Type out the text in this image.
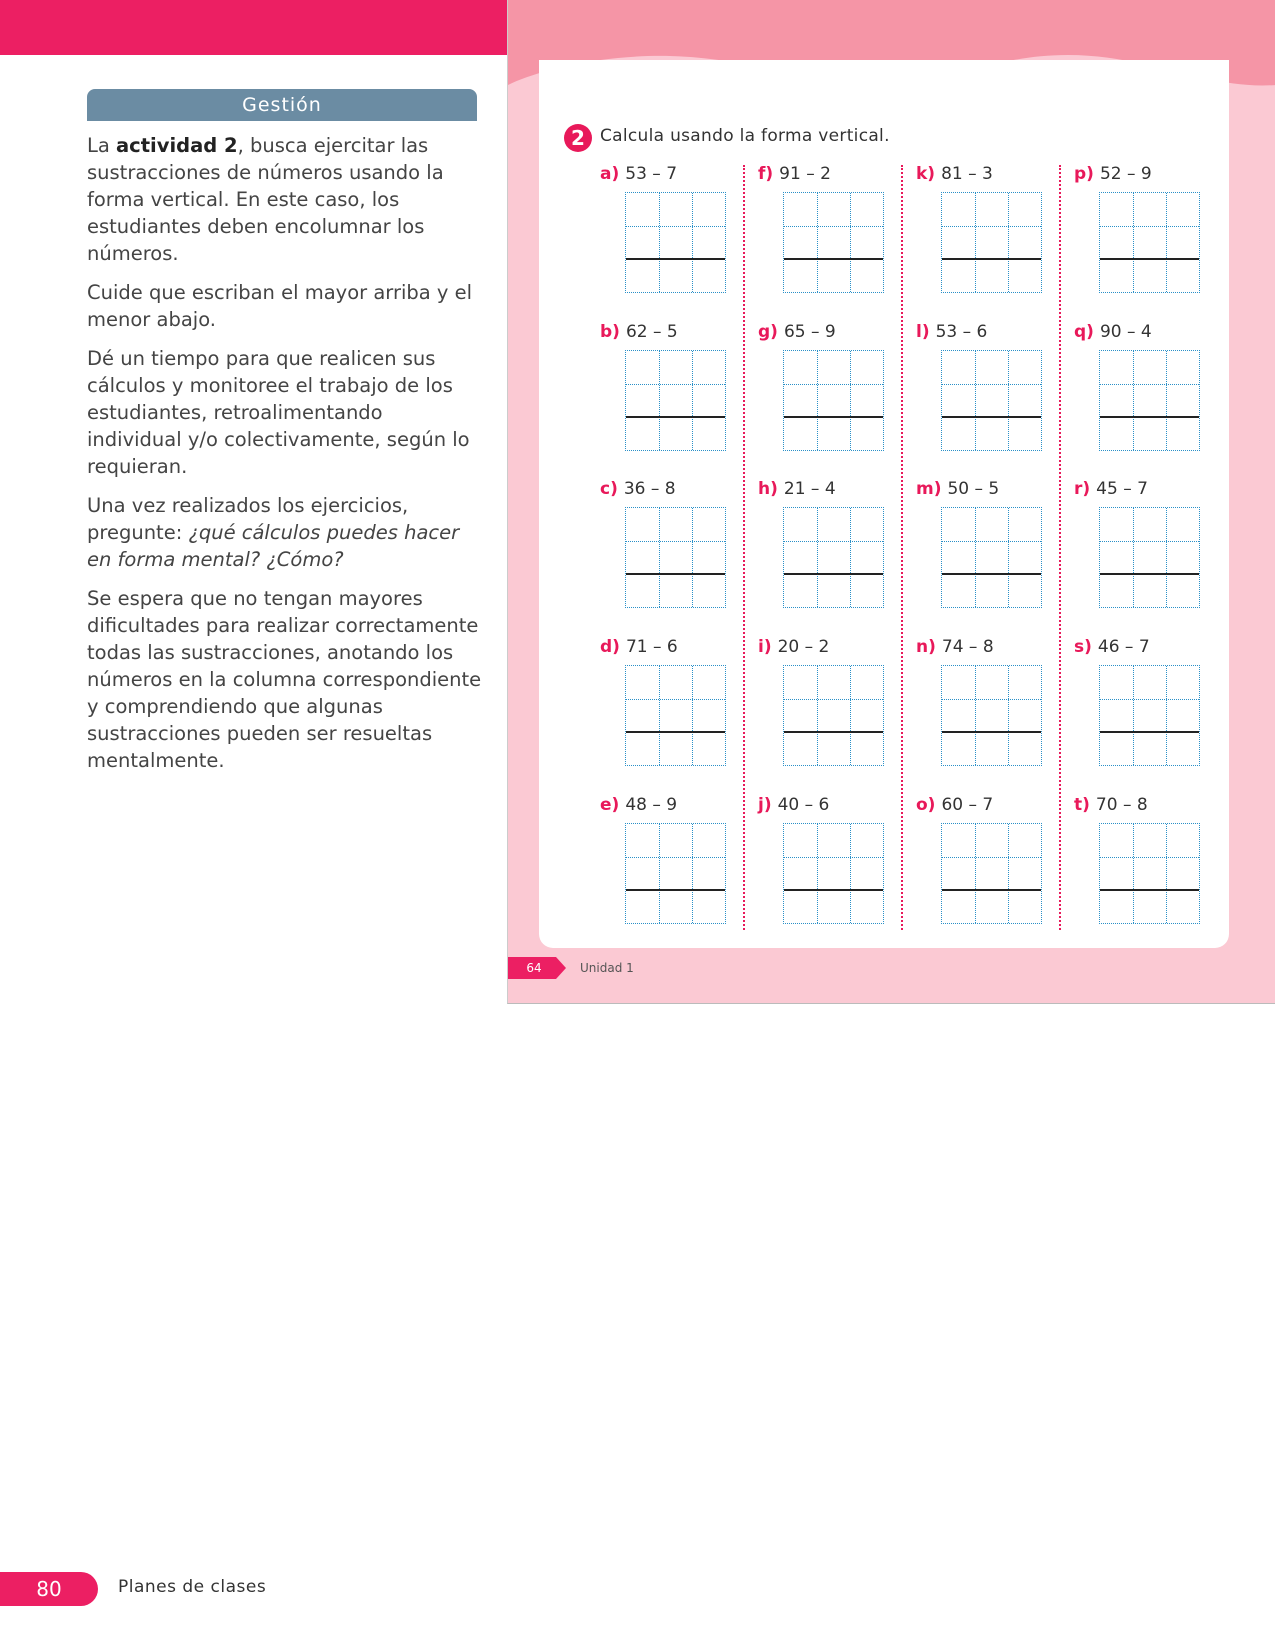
Gestión

La actividad 2, busca ejercitar las sustracciones de números usando la forma vertical. En este caso, los estudiantes deben encolumnar los números.

Cuide que escriban el mayor arriba y el menor abajo.

Dé un tiempo para que realicen sus cálculos y monitoree el trabajo de los estudiantes, retroalimentando individual y/o colectivamente, según lo requieran.

Una vez realizados los ejercicios, pregunte: ¿qué cálculos puedes hacer en forma mental? ¿Cómo?

Se espera que no tengan mayores dificultades para realizar correctamente todas las sustracciones, anotando los números en la columna correspondiente y comprendiendo que algunas sustracciones pueden ser resueltas mentalmente.

2 Calcula usando la forma vertical.
a) 53 – 7
b) 62 – 5
c) 36 – 8
d) 71 – 6
e) 48 – 9
f) 91 – 2
g) 65 – 9
h) 21 – 4
i) 20 – 2
j) 40 – 6
k) 81 – 3
l) 53 – 6
m) 50 – 5
n) 74 – 8
o) 60 – 7
p) 52 – 9
q) 90 – 4
r) 45 – 7
s) 46 – 7
t) 70 – 8
64	Unidad 1
80	Planes de clases
